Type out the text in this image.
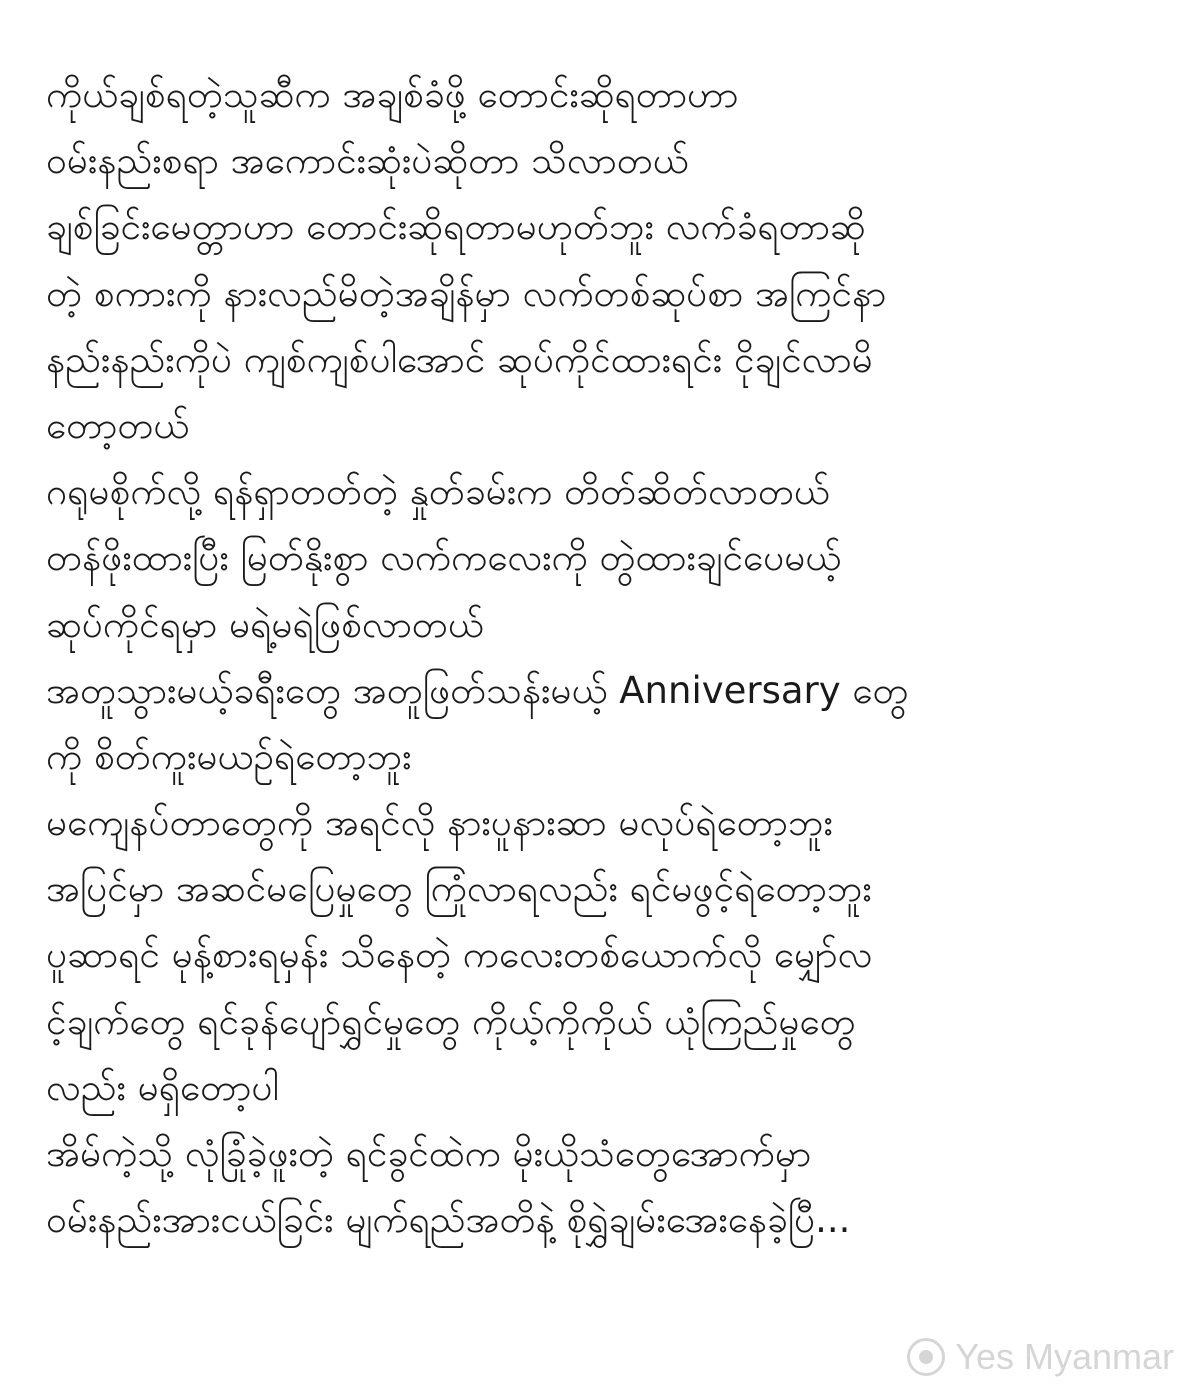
ကိုယ်ချစ်ရတဲ့သူဆီက အချစ်ခံဖို့ တောင်းဆိုရတာဟာ
ဝမ်းနည်းစရာ အကောင်းဆုံးပဲဆိုတာ သိလာတယ်
ချစ်ခြင်းမေတ္တာဟာ တောင်းဆိုရတာမဟုတ်ဘူး လက်ခံရတာဆို
တဲ့ စကားကို နားလည်မိတဲ့အချိန်မှာ လက်တစ်ဆုပ်စာ အကြင်နာ
နည်းနည်းကိုပဲ ကျစ်ကျစ်ပါအောင် ဆုပ်ကိုင်ထားရင်း ငိုချင်လာမိ
တော့တယ်
ဂရုမစိုက်လို့ ရန်ရှာတတ်တဲ့ နှုတ်ခမ်းက တိတ်ဆိတ်လာတယ်
တန်ဖိုးထားပြီး မြတ်နိုးစွာ လက်ကလေးကို တွဲထားချင်ပေမယ့်
ဆုပ်ကိုင်ရမှာ မရဲ့မရဲဖြစ်လာတယ်
အတူသွားမယ့်ခရီးတွေ အတူဖြတ်သန်းမယ့် Anniversary တွေ
ကို စိတ်ကူးမယဉ်ရဲတော့ဘူး
မကျေနပ်တာတွေကို အရင်လို နားပူနားဆာ မလုပ်ရဲတော့ဘူး
အပြင်မှာ အဆင်မပြေမှုတွေ ကြုံလာရလည်း ရင်မဖွင့်ရဲတော့ဘူး
ပူဆာရင် မုန့်စားရမှန်း သိနေတဲ့ ကလေးတစ်ယောက်လို မျှော်လ
င့်ချက်တွေ ရင်ခုန်ပျော်ရွှင်မှုတွေ ကိုယ့်ကိုကိုယ် ယုံကြည်မှုတွေ
လည်း မရှိတော့ပါ
အိမ်ကဲ့သို့ လုံခြုံခဲ့ဖူးတဲ့ ရင်ခွင်ထဲက မိုးယိုသံတွေအောက်မှာ
ဝမ်းနည်းအားငယ်ခြင်း မျက်ရည်အတိနဲ့ စိုရွှဲချမ်းအေးနေခဲ့ပြီ...
Yes Myanmar
